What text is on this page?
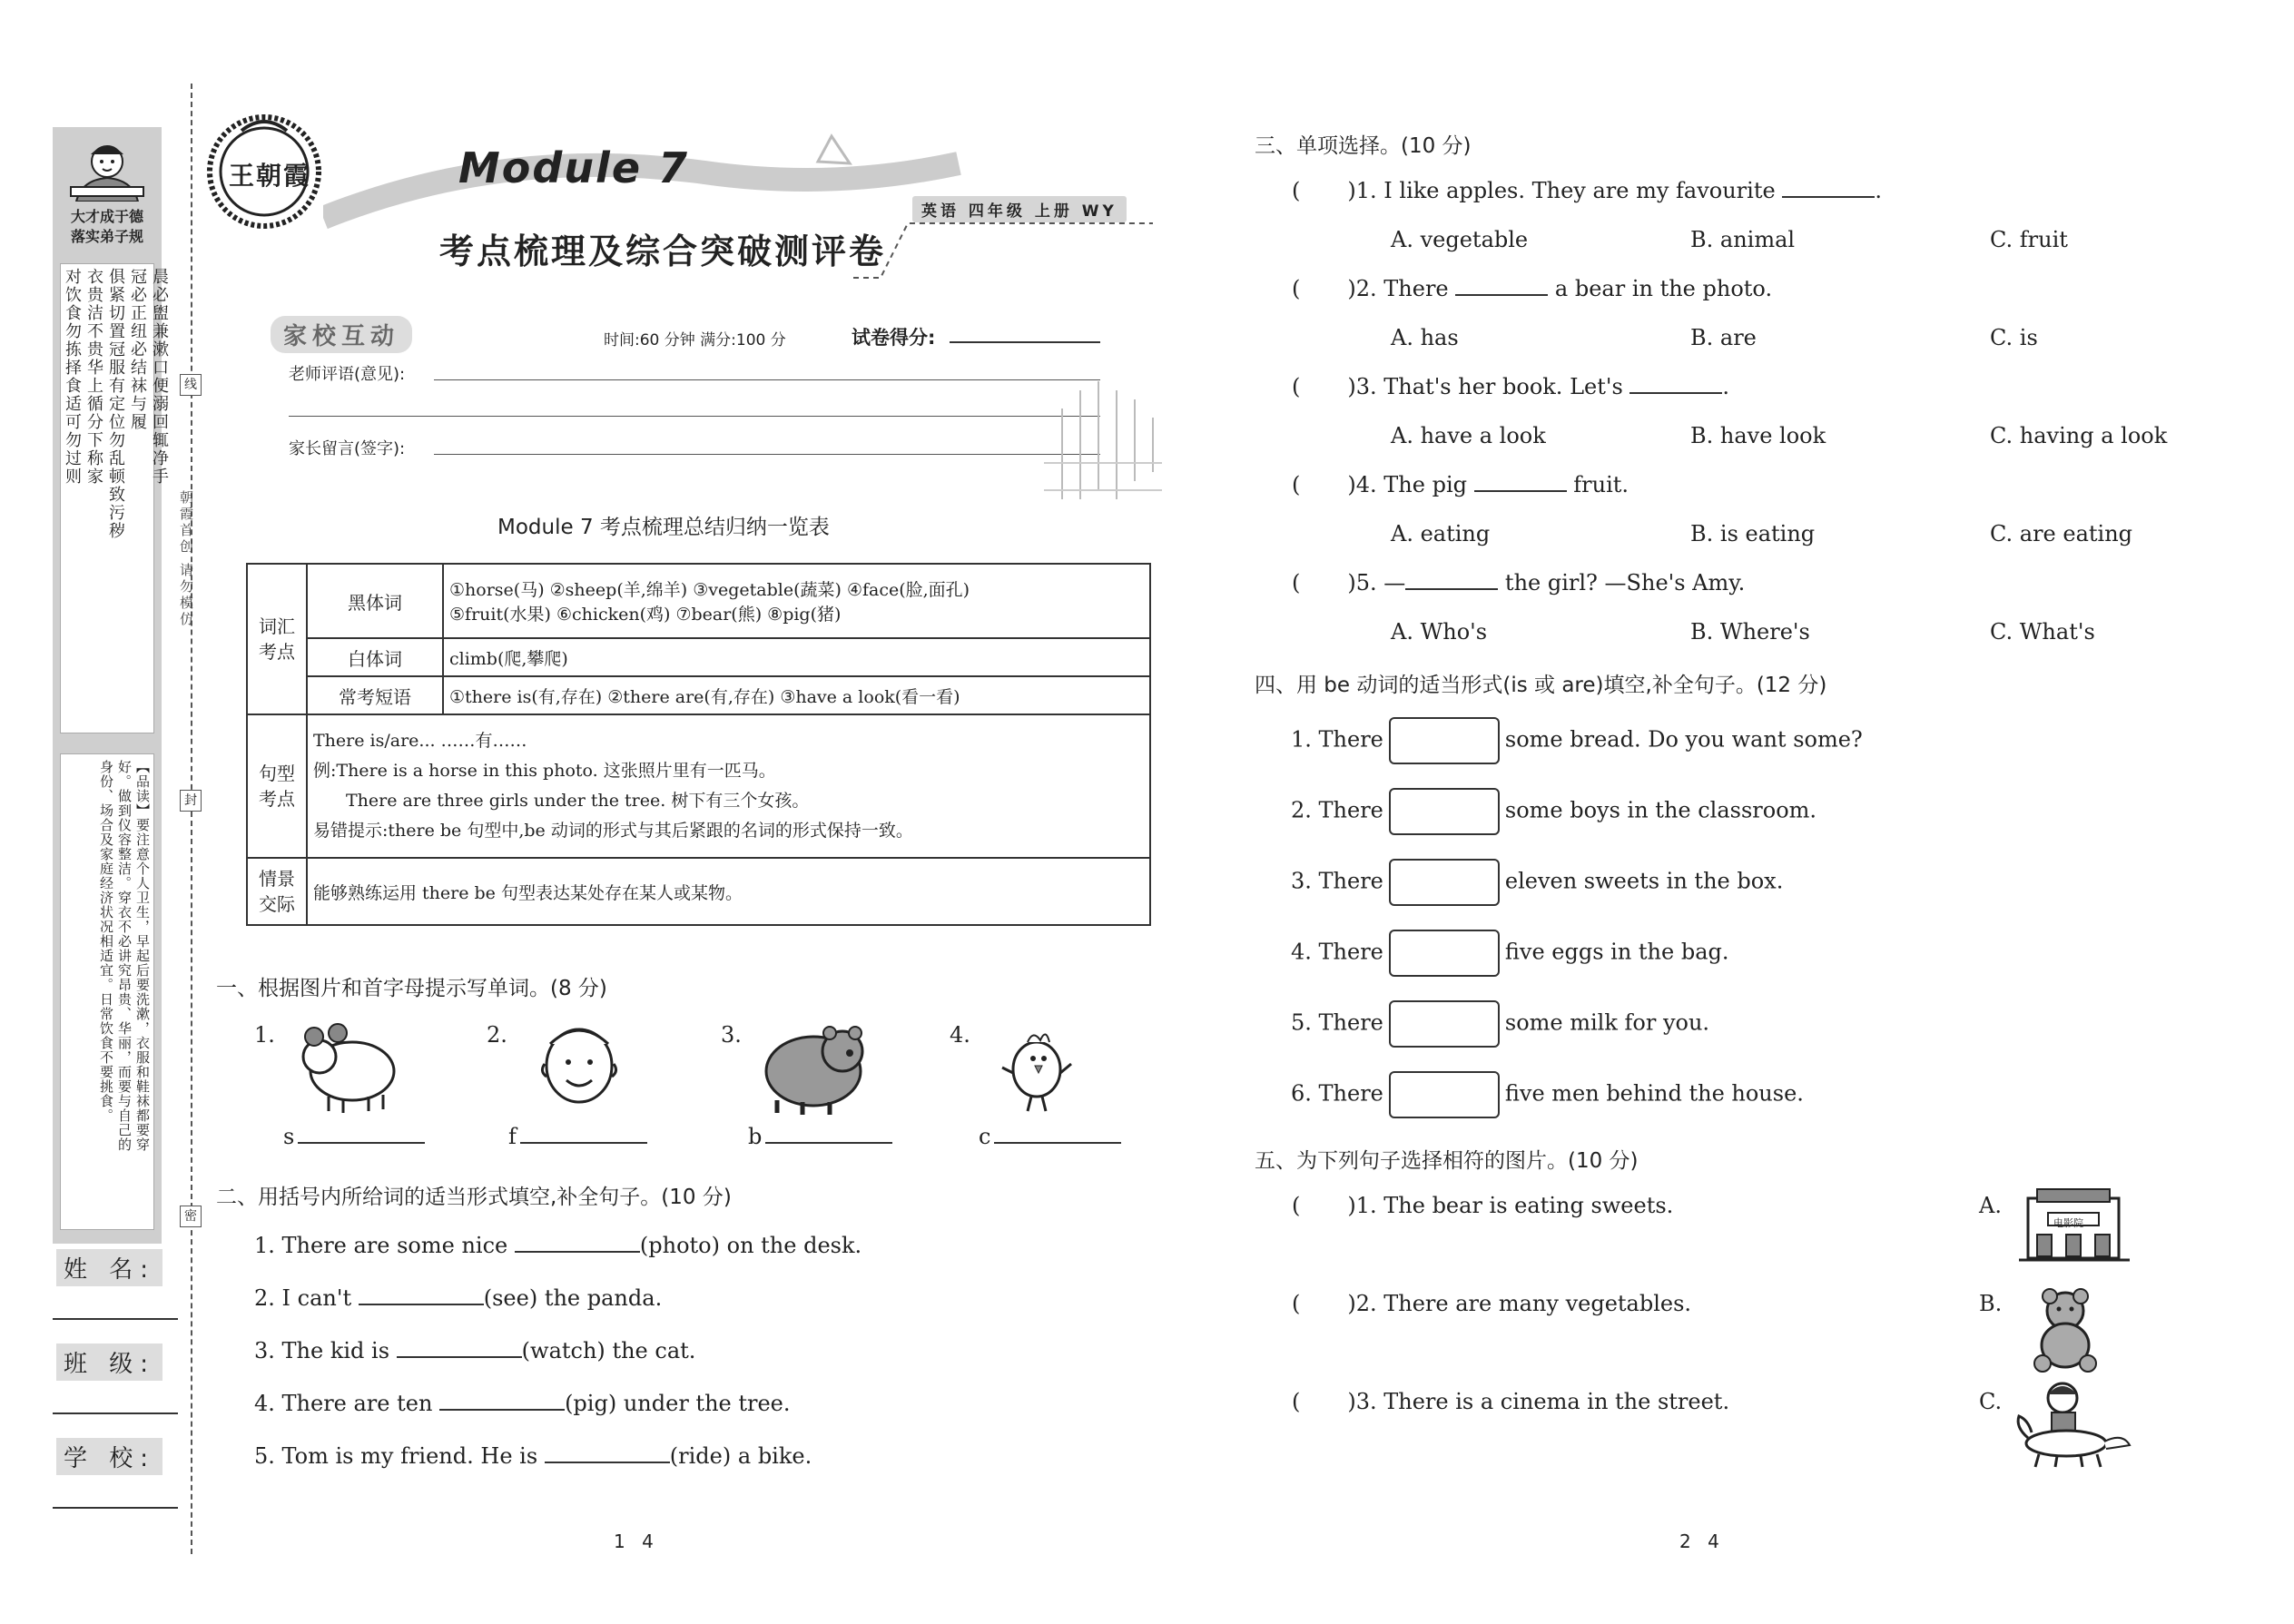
大才成于德
落实弟子规
晨必盥兼漱口便溺回辄净手
冠必正纽必结袜与履
俱紧切置冠服有定位勿乱顿致污秽
衣贵洁不贵华上循分下称家
对饮食勿拣择食适可勿过则
【品读】要注意个人卫生，早起后要洗漱，衣服和鞋袜都要穿
好。做到仪容整洁。穿衣不必讲究昂贵、华丽，而要与自己的
身份、场合及家庭经济状况相适宜。日常饮食不要挑食。
姓 名:
班 级:
学 校:
朝霞首创 请勿模仿
线
封
密
王朝霞	Module 7
考点梳理及综合突破测评卷
英语 四年级 上册 WY
家校互动	时间:60 分钟 满分:100 分	试卷得分:
老师评语(意见):
家长留言(签字):
Module 7 考点梳理总结归纳一览表
词汇考点	黑体词	①horse(马) ②sheep(羊,绵羊) ③vegetable(蔬菜) ④face(脸,面孔)
⑤fruit(水果) ⑥chicken(鸡) ⑦bear(熊) ⑧pig(猪)

	白体词	climb(爬,攀爬)
	常考短语	①there is(有,存在) ②there are(有,存在) ③have a look(看一看)
句型考点	There is/are... ……有……
例:There is a horse in this photo. 这张照片里有一匹马。
There are three girls under the tree. 树下有三个女孩。
易错提示:there be 句型中,be 动词的形式与其后紧跟的名词的形式保持一致。	

情景交际	能够熟练运用 there be 句型表达某处存在某人或某物。	
一、根据图片和首字母提示写单词。(8 分)
1.
s
2.
f
3.
b
4.
c
二、用括号内所给词的适当形式填空,补全句子。(10 分)
1. There are some nice	(photo) on the desk.
2. I can't	(see) the panda.
3. The kid is	(watch) the cat.
4. There are ten	(pig) under the tree.
5. Tom is my friend. He is	(ride) a bike.
1 4
三、单项选择。(10 分)
( )1. I like apples. They are my favourite	.
A. vegetable	B. animal	C. fruit
( )2. There	a bear in the photo.
A. has	B. are	C. is
( )3. That's her book. Let's	.
A. have a look	B. have look	C. having a look
( )4. The pig	fruit.
A. eating	B. is eating	C. are eating
( )5. —	the girl? —She's Amy.
A. Who's	B. Where's	C. What's
四、用 be 动词的适当形式(is 或 are)填空,补全句子。(12 分)
1. There	some bread. Do you want some?
2. There	some boys in the classroom.
3. There	eleven sweets in the box.
4. There	five eggs in the bag.
5. There	some milk for you.
6. There	five men behind the house.
五、为下列句子选择相符的图片。(10 分)
( )1. The bear is eating sweets.	A.
电影院
( )2. There are many vegetables.	B.
( )3. There is a cinema in the street.	C.
2 4
